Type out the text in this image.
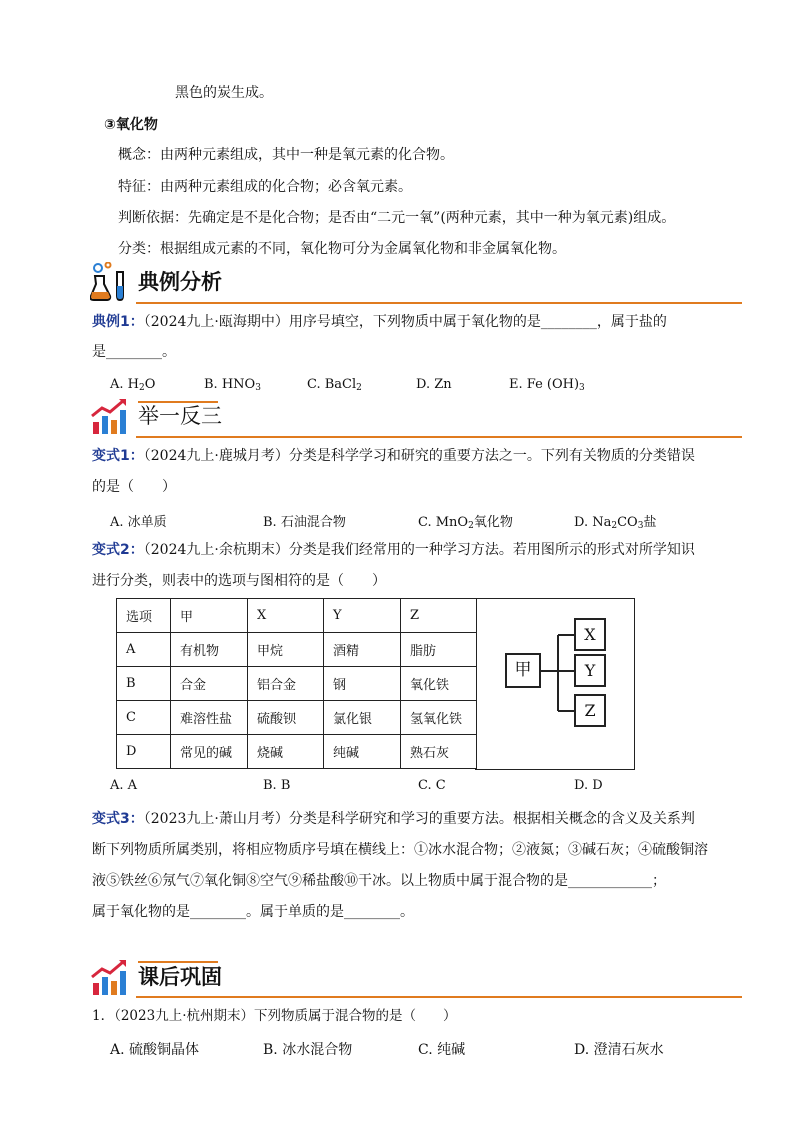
黑色的炭生成。
③氧化物
概念：由两种元素组成，其中一种是氧元素的化合物。
特征：由两种元素组成的化合物；必含氧元素。
判断依据：先确定是不是化合物；是否由“二元一氧”(两种元素，其中一种为氧元素)组成。
分类：根据组成元素的不同，氧化物可分为金属氧化物和非金属氧化物。
典例分析
典例1：（2024九上·瓯海期中）用序号填空，下列物质中属于氧化物的是________，属于盐的
是________。
A. H2O	B. HNO3	C. BaCl2	D. Zn	E. Fe (OH)3
举一反三
变式1：（2024九上·鹿城月考）分类是科学学习和研究的重要方法之一。下列有关物质的分类错误
的是（　　）
A. 冰单质	B. 石油混合物	C. MnO2氧化物	D. Na2CO3盐
变式2：（2024九上·余杭期末）分类是我们经常用的一种学习方法。若用图所示的形式对所学知识
进行分类，则表中的选项与图相符的是（　　）
选项	甲	X	Y	Z
A	有机物	甲烷	酒精	脂肪
B	合金	铝合金	钢	氧化铁
C	难溶性盐	硫酸钡	氯化银	氢氧化铁
D	常见的碱	烧碱	纯碱	熟石灰
甲
X
Y
Z
A. A	B. B	C. C	D. D
变式3：（2023九上·萧山月考）分类是科学研究和学习的重要方法。根据相关概念的含义及关系判
断下列物质所属类别，将相应物质序号填在横线上：①冰水混合物；②液氮；③碱石灰；④硫酸铜溶
液⑤铁丝⑥氖气⑦氧化铜⑧空气⑨稀盐酸⑩干冰。以上物质中属于混合物的是____________；
属于氧化物的是________。属于单质的是________。
课后巩固
1．（2023九上·杭州期末）下列物质属于混合物的是（　　）
A. 硫酸铜晶体	B. 冰水混合物	C. 纯碱	D. 澄清石灰水
